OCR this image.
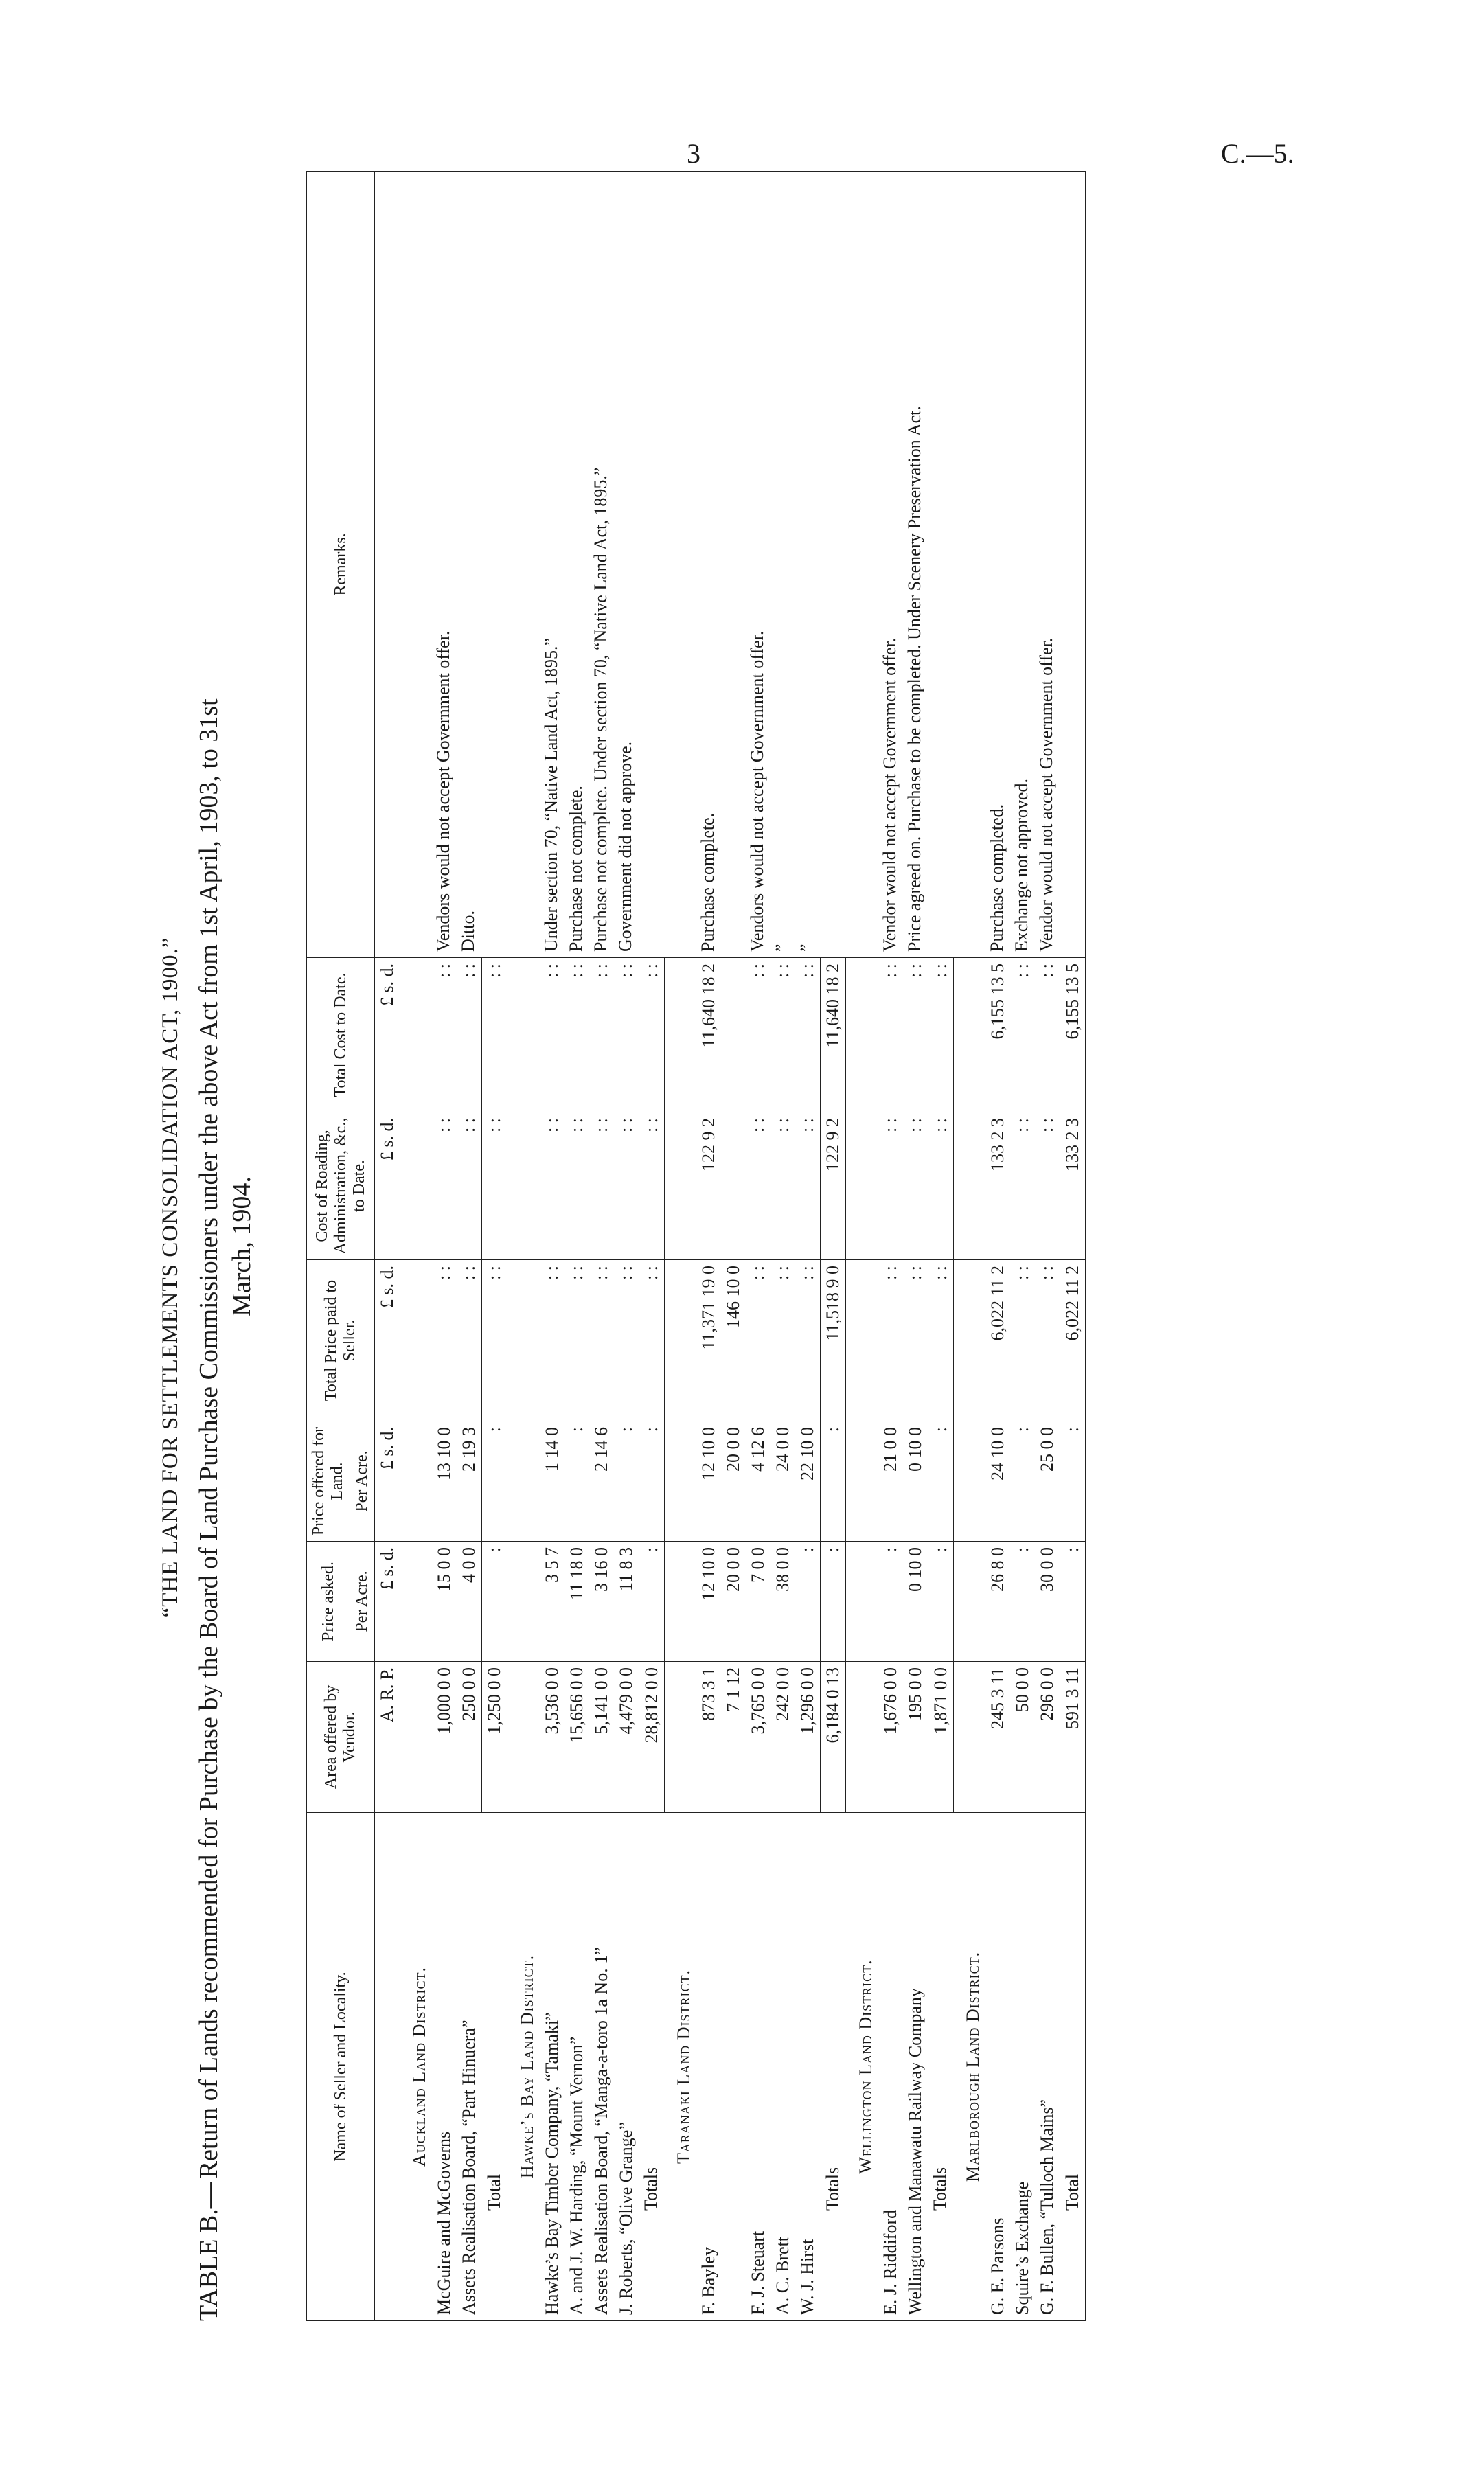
3	C.—5.
“THE LAND FOR SETTLEMENTS CONSOLIDATION ACT, 1900.”
TABLE B.—Return of Lands recommended for Purchase by the Board of Land Purchase Commissioners under the above Act from 1st April, 1903, to 31st March, 1904.
Name of Seller and Locality.	Area offered by Vendor.	Price asked.	Price offered for Land.	Total Price paid to Seller.	Cost of Roading, Administration, &c., to Date.	Total Cost to Date.	Remarks.
		Per Acre.	Per Acre.				
	A. R. P.	£ s. d.	£ s. d.	£ s. d.	£ s. d.	£ s. d.	
Auckland Land District.							
McGuire and McGoverns	1,000 0 0	15 0 0	13 10 0	: :	: :	: :	Vendors would not accept Government offer.
Assets Realisation Board, “Part Hinuera”	250 0 0	4 0 0	2 19 3	: :	: :	: :	Ditto.
Total	1,250 0 0	:	:	: :	: :	: :	
Hawke’s Bay Land District.							
Hawke’s Bay Timber Company, “Tamaki”	3,536 0 0	3 5 7	1 14 0	: :	: :	: :	Under section 70, “Native Land Act, 1895.”
A. and J. W. Harding, “Mount Vernon”	15,656 0 0	11 18 0	:	: :	: :	: :	Purchase not complete.
Assets Realisation Board, “Manga-a-toro 1a No. 1”	5,141 0 0	3 16 0	2 14 6	: :	: :	: :	Purchase not complete. Under section 70, “Native Land Act, 1895.”
J. Roberts, “Olive Grange”	4,479 0 0	11 8 3	:	: :	: :	: :	Government did not approve.
Totals	28,812 0 0	:	:	: :	: :	: :	
Taranaki Land District.							
F. Bayley	873 3 1	12 10 0	12 10 0	11,371 19 0	122 9 2	11,640 18 2	Purchase complete.
	7 1 12	20 0 0	20 0 0	146 10 0			
F. J. Steuart	3,765 0 0	7 0 0	4 12 6	: :	: :	: :	Vendors would not accept Government offer.
A. C. Brett	242 0 0	38 0 0	24 0 0	: :	: :	: :	”
W. J. Hirst	1,296 0 0	:	22 10 0	: :	: :	: :	”
Totals	6,184 0 13	:	:	11,518 9 0	122 9 2	11,640 18 2	
Wellington Land District.							
E. J. Riddiford	1,676 0 0	:	21 0 0	: :	: :	: :	Vendor would not accept Government offer.
Wellington and Manawatu Railway Company	195 0 0	0 10 0	0 10 0	: :	: :	: :	Price agreed on. Purchase to be completed. Under Scenery Preservation Act.
Totals	1,871 0 0	:	:	: :	: :	: :	
Marlborough Land District.							
G. E. Parsons	245 3 11	26 8 0	24 10 0	6,022 11 2	133 2 3	6,155 13 5	Purchase completed.
Squire’s Exchange	50 0 0	:	:	: :	: :	: :	Exchange not approved.
G. F. Bullen, “Tulloch Mains”	296 0 0	30 0 0	25 0 0	: :	: :	: :	Vendor would not accept Government offer.
Total	591 3 11	:	:	6,022 11 2	133 2 3	6,155 13 5	
